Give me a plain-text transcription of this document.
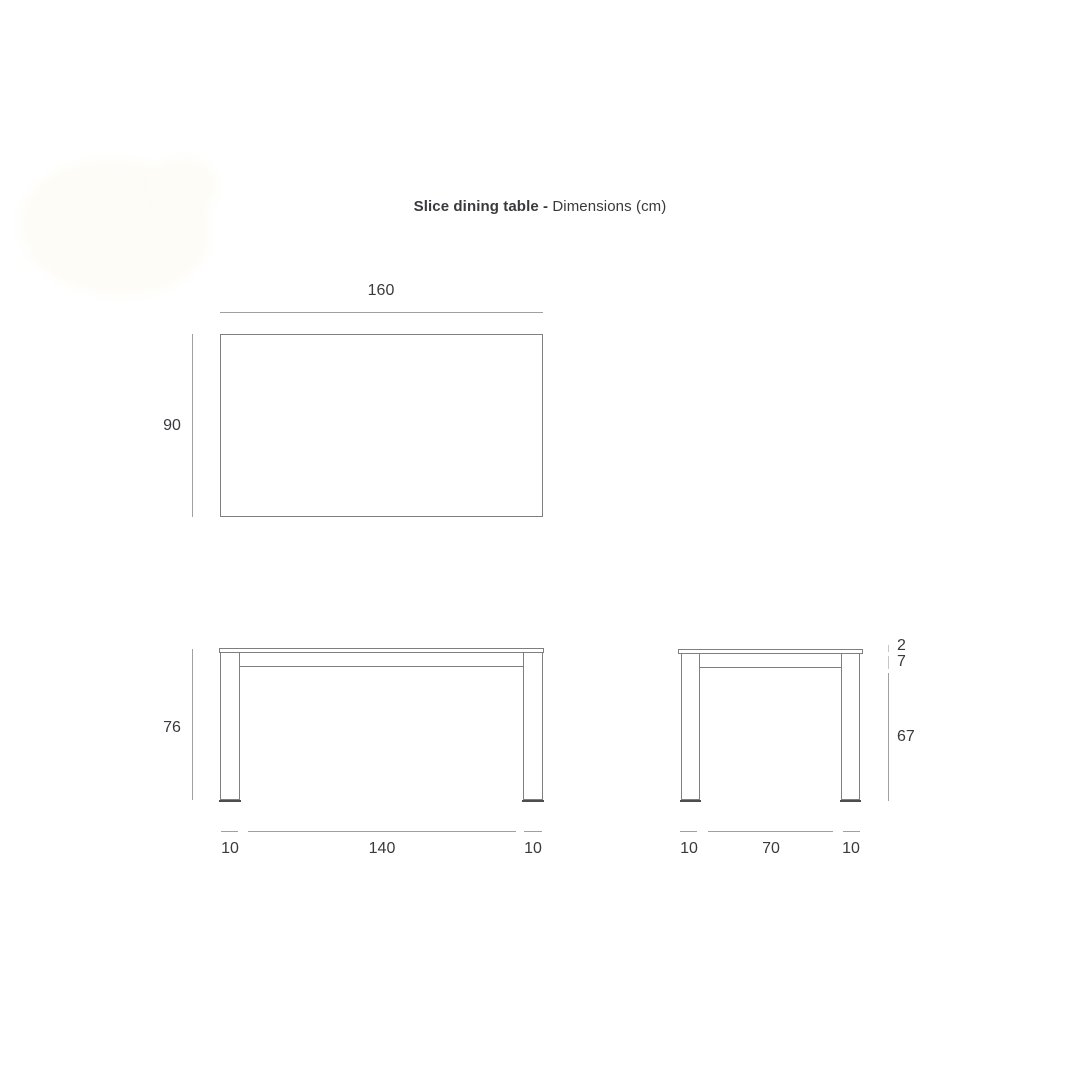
Slice dining table - Dimensions (cm)
160
90
76
10	140	10
2
7
67
10	70	10
